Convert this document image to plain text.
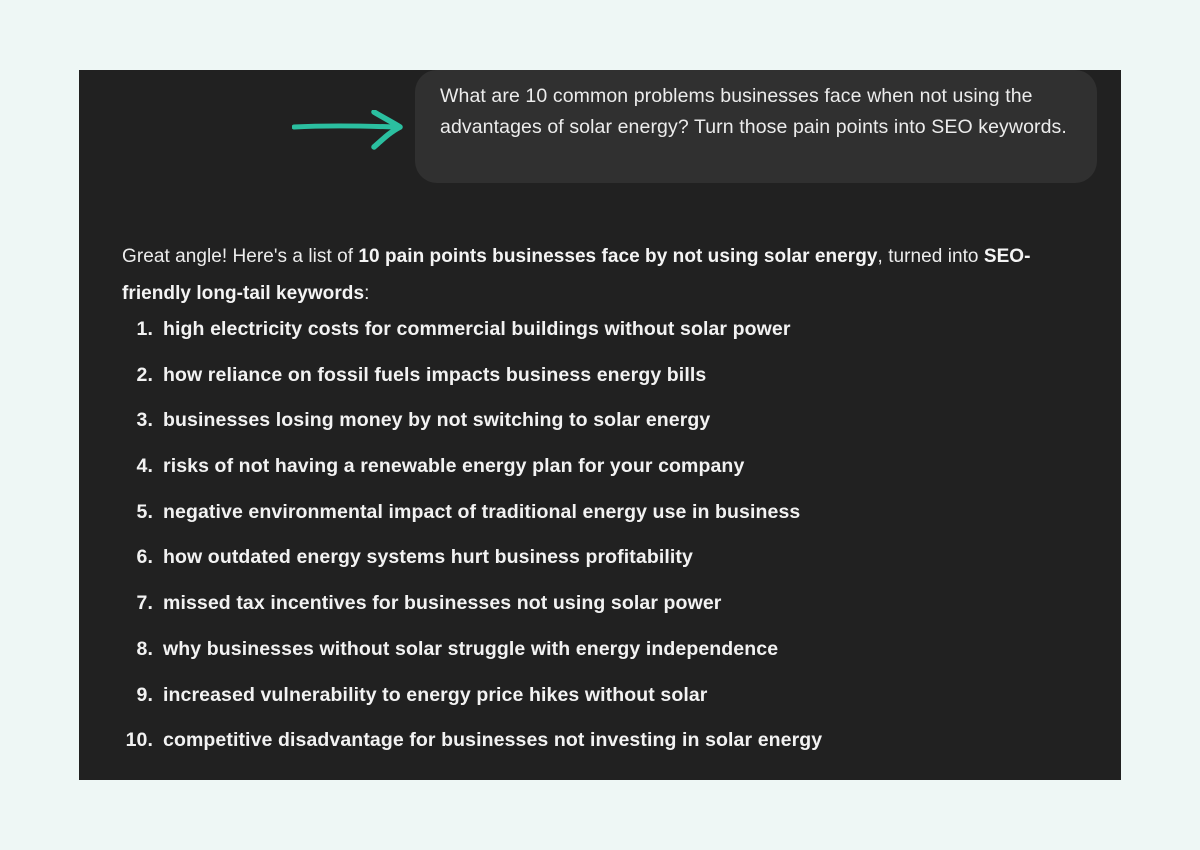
What are 10 common problems businesses face when not using the advantages of solar energy? Turn those pain points into SEO keywords.

Great angle! Here's a list of 10 pain points businesses face by not using solar energy, turned into SEO-friendly long-tail keywords:

1. high electricity costs for commercial buildings without solar power
2. how reliance on fossil fuels impacts business energy bills
3. businesses losing money by not switching to solar energy
4. risks of not having a renewable energy plan for your company
5. negative environmental impact of traditional energy use in business
6. how outdated energy systems hurt business profitability
7. missed tax incentives for businesses not using solar power
8. why businesses without solar struggle with energy independence
9. increased vulnerability to energy price hikes without solar
10. competitive disadvantage for businesses not investing in solar energy
